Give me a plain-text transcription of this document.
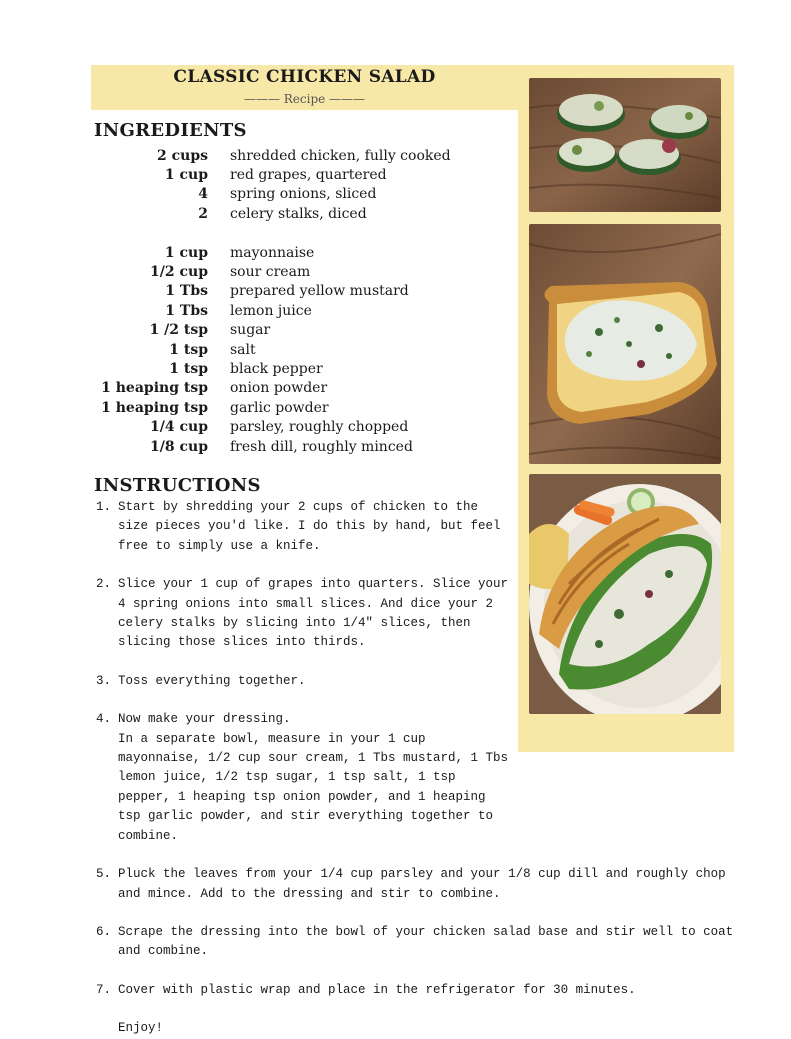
CLASSIC CHICKEN SALAD
——— Recipe ———
INGREDIENTS
2 cups	shredded chicken, fully cooked
1 cup	red grapes, quartered
4	spring onions, sliced
2	celery stalks, diced
1 cup	mayonnaise
1/2 cup	sour cream
1 Tbs	prepared yellow mustard
1 Tbs	lemon juice
1 /2 tsp	sugar
1 tsp	salt
1 tsp	black pepper
1 heaping tsp	onion powder
1 heaping tsp	garlic powder
1/4 cup	parsley, roughly chopped
1/8 cup	fresh dill, roughly minced
INSTRUCTIONS
1. Start by shredding your 2 cups of chicken to the size pieces you'd like. I do this by hand, but feel free to simply use a knife.

2. Slice your 1 cup of grapes into quarters. Slice your 4 spring onions into small slices. And dice your 2 celery stalks by slicing into 1/4" slices, then slicing those slices into thirds.

3. Toss everything together.

4. Now make your dressing.

In a separate bowl, measure in your 1 cup mayonnaise, 1/2 cup sour cream, 1 Tbs mustard, 1 Tbs lemon juice, 1/2 tsp sugar, 1 tsp salt, 1 tsp pepper, 1 heaping tsp onion powder, and 1 heaping tsp garlic powder, and stir everything together to combine.

5. Pluck the leaves from your 1/4 cup parsley and your 1/8 cup dill and roughly chop and mince. Add to the dressing and stir to combine.

6. Scrape the dressing into the bowl of your chicken salad base and stir well to coat and combine.

7. Cover with plastic wrap and place in the refrigerator for 30 minutes.

Enjoy!
